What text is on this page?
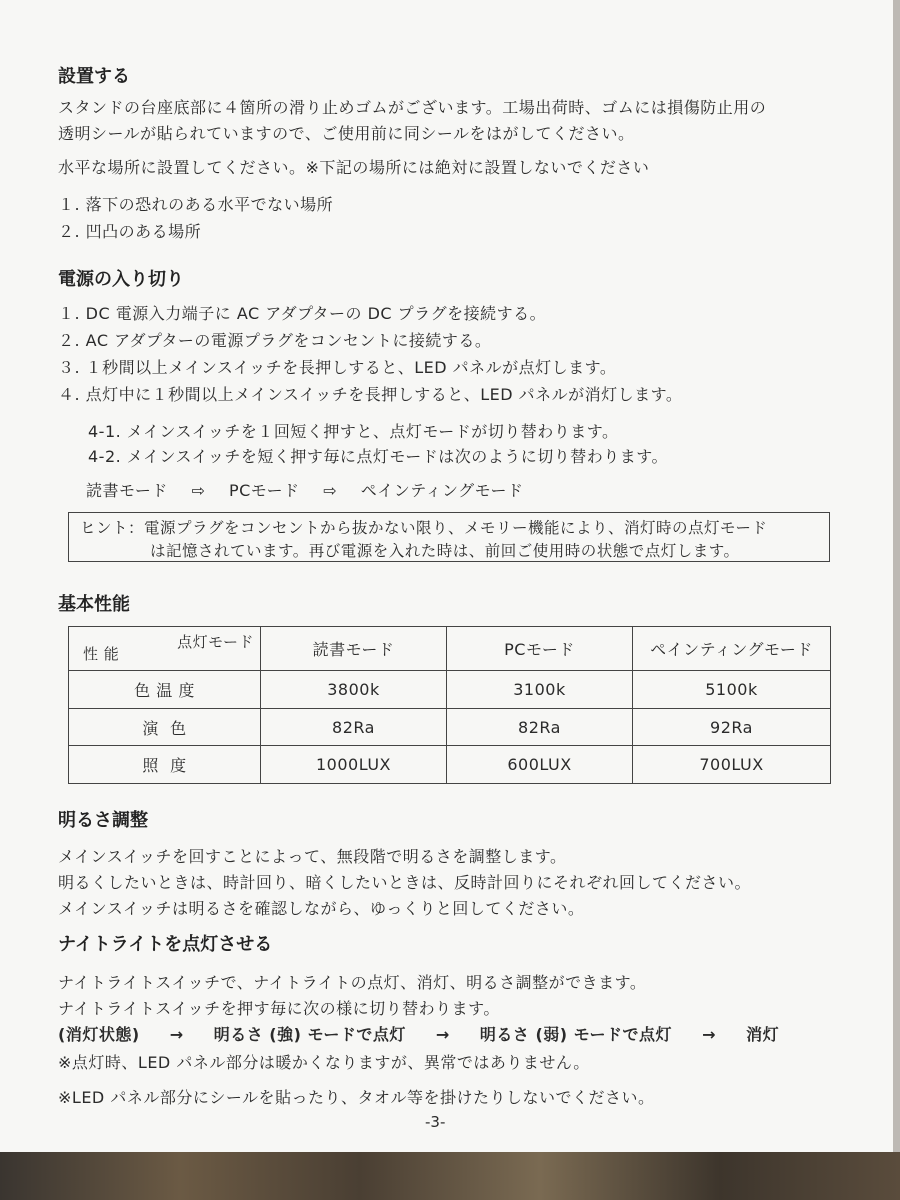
設置する
スタンドの台座底部に４箇所の滑り止めゴムがございます。工場出荷時、ゴムには損傷防止用の
透明シールが貼られていますので、ご使用前に同シールをはがしてください。
水平な場所に設置してください。※下記の場所には絶対に設置しないでください
１. 落下の恐れのある水平でない場所
２. 凹凸のある場所
電源の入り切り
１. DC 電源入力端子に AC アダプターの DC プラグを接続する。
２. AC アダプターの電源プラグをコンセントに接続する。
３. １秒間以上メインスイッチを長押しすると、LED パネルが点灯します。
４. 点灯中に１秒間以上メインスイッチを長押しすると、LED パネルが消灯します。
4-1. メインスイッチを１回短く押すと、点灯モードが切り替わります。
4-2. メインスイッチを短く押す毎に点灯モードは次のように切り替わります。
読書モード ⇨ PCモード ⇨ ペインティングモード
ヒント：電源プラグをコンセントから抜かない限り、メモリー機能により、消灯時の点灯モード
は記憶されています。再び電源を入れた時は、前回ご使用時の状態で点灯します。
基本性能
点灯モード
性 能	読書モード	PCモード	ペインティングモード
色 温 度	3800k	3100k	5100k
演  色	82Ra	82Ra	92Ra
照  度	1000LUX	600LUX	700LUX
明るさ調整
メインスイッチを回すことによって、無段階で明るさを調整します。
明るくしたいときは、時計回り、暗くしたいときは、反時計回りにそれぞれ回してください。
メインスイッチは明るさを確認しながら、ゆっくりと回してください。
ナイトライトを点灯させる
ナイトライトスイッチで、ナイトライトの点灯、消灯、明るさ調整ができます。
ナイトライトスイッチを押す毎に次の様に切り替わります。
(消灯状態) → 明るさ (強) モードで点灯 → 明るさ (弱) モードで点灯 → 消灯
※点灯時、LED パネル部分は暖かくなりますが、異常ではありません。
※LED パネル部分にシールを貼ったり、タオル等を掛けたりしないでください。
-3-
